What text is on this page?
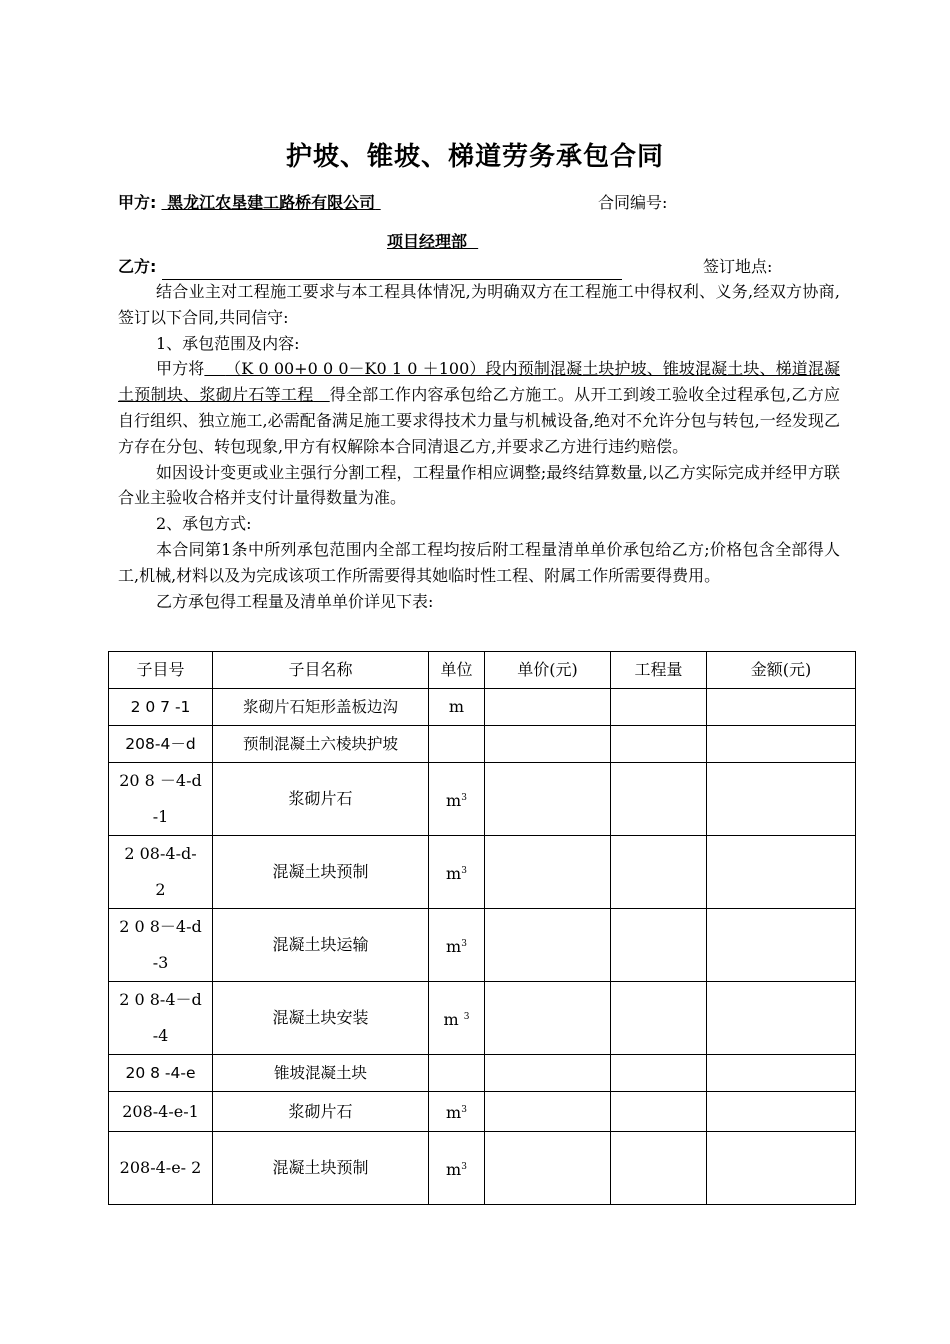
护坡、锥坡、梯道劳务承包合同
甲方: 黑龙江农垦建工路桥有限公司	合同编号:
项目经理部
乙方:	签订地点:

结合业主对工程施工要求与本工程具体情况,为明确双方在工程施工中得权利、义务,经双方协商,签订以下合同,共同信守:

1、承包范围及内容:

甲方将 （K 0 00+0 0 0－K0 1 0 ＋100）段内预制混凝土块护坡、锥坡混凝土块、梯道混凝土预制块、浆砌片石等工程 得全部工作内容承包给乙方施工。从开工到竣工验收全过程承包,乙方应自行组织、独立施工,必需配备满足施工要求得技术力量与机械设备,绝对不允许分包与转包,一经发现乙方存在分包、转包现象,甲方有权解除本合同清退乙方,并要求乙方进行违约赔偿。

如因设计变更或业主强行分割工程，工程量作相应调整;最终结算数量,以乙方实际完成并经甲方联合业主验收合格并支付计量得数量为准。

2、承包方式:

本合同第1条中所列承包范围内全部工程均按后附工程量清单单价承包给乙方;价格包含全部得人工,机械,材料以及为完成该项工作所需要得其她临时性工程、附属工作所需要得费用。

乙方承包得工程量及清单单价详见下表:

子目号	子目名称	单位	单价(元)	工程量	金额(元)
2 0 7 -1	浆砌片石矩形盖板边沟	m			
208-4－d	预制混凝土六棱块护坡				
20 8 －4-d -1	浆砌片石	$m^3$			
2 08-4-d- 2	混凝土块预制	$m^3$			
2 0 8－4-d-3	混凝土块运输	$m^3$			
2 0 8-4－d-4	混凝土块安装	m $^3$			
20 8 -4-e	锥坡混凝土块				
208-4-e-1	浆砌片石	$m^3$			
208-4-e- 2	混凝土块预制	$m^3$			
